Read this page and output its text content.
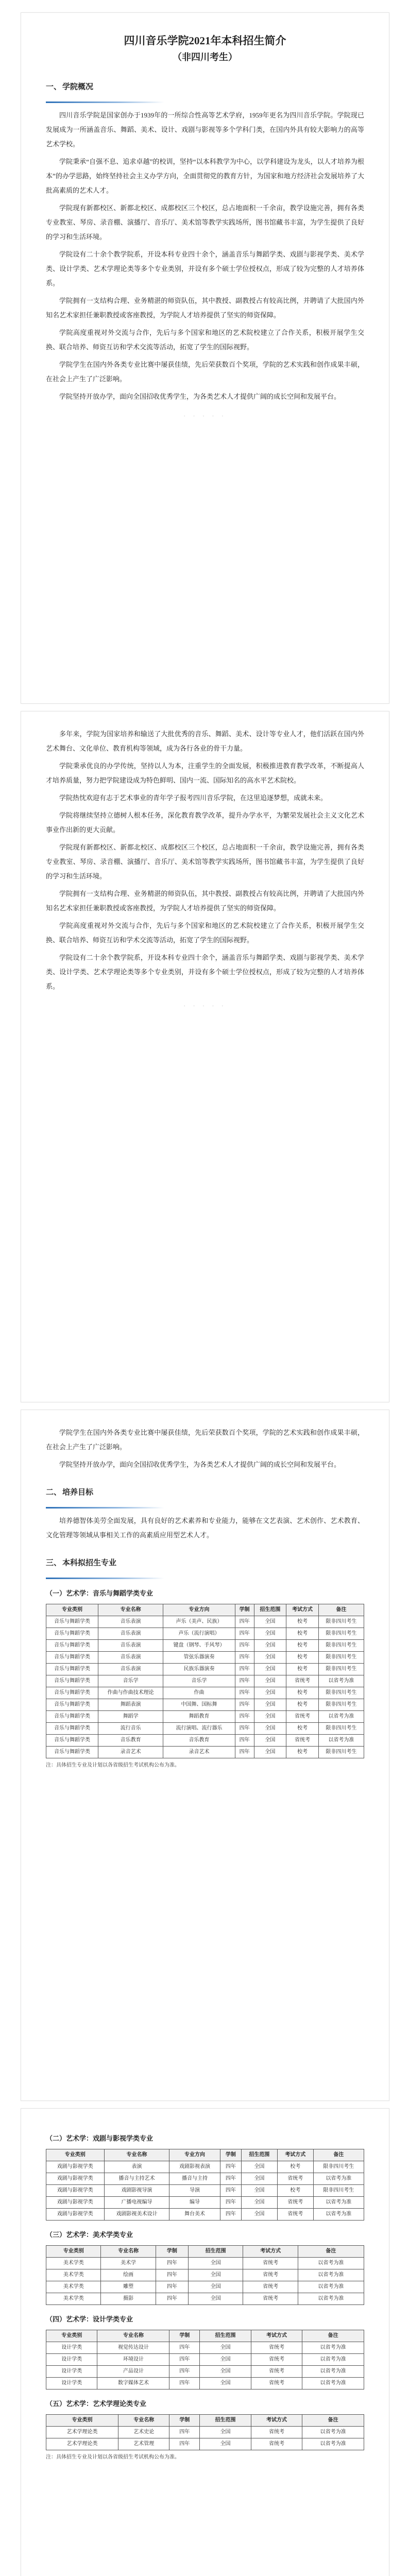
四川音乐学院2021年本科招生简介
（非四川考生）
一、 学院概况

四川音乐学院是国家创办于1939年的一所综合性高等艺术学府，1959年更名为四川音乐学院。学院现已发展成为一所涵盖音乐、舞蹈、美术、设计、戏剧与影视等多个学科门类，在国内外具有较大影响力的高等艺术学校。

学院秉承“自强不息、追求卓越”的校训，坚持“以本科教学为中心，以学科建设为龙头，以人才培养为根本”的办学思路，始终坚持社会主义办学方向，全面贯彻党的教育方针，为国家和地方经济社会发展培养了大批高素质的艺术人才。

学院现有新都校区、新都北校区、成都校区三个校区，总占地面积一千余亩，教学设施完善，拥有各类专业教室、琴房、录音棚、演播厅、音乐厅、美术馆等教学实践场所，图书馆藏书丰富，为学生提供了良好的学习和生活环境。

学院设有二十余个教学院系，开设本科专业四十余个，涵盖音乐与舞蹈学类、戏剧与影视学类、美术学类、设计学类、艺术学理论类等多个专业类别，并设有多个硕士学位授权点，形成了较为完整的人才培养体系。

学院拥有一支结构合理、业务精湛的师资队伍，其中教授、副教授占有较高比例，并聘请了大批国内外知名艺术家担任兼职教授或客座教授，为学院人才培养提供了坚实的师资保障。

学院高度重视对外交流与合作，先后与多个国家和地区的艺术院校建立了合作关系，积极开展学生交换、联合培养、师资互访和学术交流等活动，拓宽了学生的国际视野。

学院学生在国内外各类专业比赛中屡获佳绩，先后荣获数百个奖项，学院的艺术实践和创作成果丰硕，在社会上产生了广泛影响。

学院坚持开放办学，面向全国招收优秀学生，为各类艺术人才提供广阔的成长空间和发展平台。

· · · · ·

多年来，学院为国家培养和输送了大批优秀的音乐、舞蹈、美术、设计等专业人才，他们活跃在国内外艺术舞台、文化单位、教育机构等领域，成为各行各业的骨干力量。

学院秉承优良的办学传统，坚持以人为本，注重学生的全面发展，积极推进教育教学改革，不断提高人才培养质量，努力把学院建设成为特色鲜明、国内一流、国际知名的高水平艺术院校。

学院热忱欢迎有志于艺术事业的青年学子报考四川音乐学院，在这里追逐梦想，成就未来。

学院将继续坚持立德树人根本任务，深化教育教学改革，提升办学水平，为繁荣发展社会主义文化艺术事业作出新的更大贡献。

学院现有新都校区、新都北校区、成都校区三个校区，总占地面积一千余亩，教学设施完善，拥有各类专业教室、琴房、录音棚、演播厅、音乐厅、美术馆等教学实践场所，图书馆藏书丰富，为学生提供了良好的学习和生活环境。

学院拥有一支结构合理、业务精湛的师资队伍，其中教授、副教授占有较高比例，并聘请了大批国内外知名艺术家担任兼职教授或客座教授，为学院人才培养提供了坚实的师资保障。

学院高度重视对外交流与合作，先后与多个国家和地区的艺术院校建立了合作关系，积极开展学生交换、联合培养、师资互访和学术交流等活动，拓宽了学生的国际视野。

学院设有二十余个教学院系，开设本科专业四十余个，涵盖音乐与舞蹈学类、戏剧与影视学类、美术学类、设计学类、艺术学理论类等多个专业类别，并设有多个硕士学位授权点，形成了较为完整的人才培养体系。

· · · · ·

学院学生在国内外各类专业比赛中屡获佳绩，先后荣获数百个奖项，学院的艺术实践和创作成果丰硕，在社会上产生了广泛影响。

学院坚持开放办学，面向全国招收优秀学生，为各类艺术人才提供广阔的成长空间和发展平台。

二、 培养目标

培养德智体美劳全面发展，具有良好的艺术素养和专业能力，能够在文艺表演、艺术创作、艺术教育、文化管理等领域从事相关工作的高素质应用型艺术人才。

三、 本科拟招生专业
（一）艺术学：音乐与舞蹈学类专业
专业类别	专业名称	专业方向	学制	招生范围	考试方式	备注
音乐与舞蹈学类	音乐表演	声乐（美声、民族）	四年	全国	校考	限非四川考生
音乐与舞蹈学类	音乐表演	声乐（流行演唱）	四年	全国	校考	限非四川考生
音乐与舞蹈学类	音乐表演	键盘（钢琴、手风琴）	四年	全国	校考	限非四川考生
音乐与舞蹈学类	音乐表演	管弦乐器演奏	四年	全国	校考	限非四川考生
音乐与舞蹈学类	音乐表演	民族乐器演奏	四年	全国	校考	限非四川考生
音乐与舞蹈学类	音乐学	音乐学	四年	全国	省统考	以省考为准
音乐与舞蹈学类	作曲与作曲技术理论	作曲	四年	全国	校考	限非四川考生
音乐与舞蹈学类	舞蹈表演	中国舞、国标舞	四年	全国	校考	限非四川考生
音乐与舞蹈学类	舞蹈学	舞蹈教育	四年	全国	省统考	以省考为准
音乐与舞蹈学类	流行音乐	流行演唱、流行器乐	四年	全国	校考	限非四川考生
音乐与舞蹈学类	音乐教育	音乐教育	四年	全国	省统考	以省考为准
音乐与舞蹈学类	录音艺术	录音艺术	四年	全国	校考	限非四川考生
注：具体招生专业及计划以各省级招生考试机构公布为准。
（二）艺术学：戏剧与影视学类专业
专业类别	专业名称	专业方向	学制	招生范围	考试方式	备注
戏剧与影视学类	表演	戏剧影视表演	四年	全国	校考	限非四川考生
戏剧与影视学类	播音与主持艺术	播音与主持	四年	全国	省统考	以省考为准
戏剧与影视学类	戏剧影视导演	导演	四年	全国	校考	限非四川考生
戏剧与影视学类	广播电视编导	编导	四年	全国	省统考	以省考为准
戏剧与影视学类	戏剧影视美术设计	舞台美术	四年	全国	省统考	以省考为准
（三）艺术学：美术学类专业
专业类别	专业名称	学制	招生范围	考试方式	备注
美术学类	美术学	四年	全国	省统考	以省考为准
美术学类	绘画	四年	全国	省统考	以省考为准
美术学类	雕塑	四年	全国	省统考	以省考为准
美术学类	摄影	四年	全国	省统考	以省考为准
（四）艺术学：设计学类专业
专业类别	专业名称	学制	招生范围	考试方式	备注
设计学类	视觉传达设计	四年	全国	省统考	以省考为准
设计学类	环境设计	四年	全国	省统考	以省考为准
设计学类	产品设计	四年	全国	省统考	以省考为准
设计学类	数字媒体艺术	四年	全国	省统考	以省考为准
（五）艺术学：艺术学理论类专业
专业类别	专业名称	学制	招生范围	考试方式	备注
艺术学理论类	艺术史论	四年	全国	省统考	以省考为准
艺术学理论类	艺术管理	四年	全国	省统考	以省考为准
注：具体招生专业及计划以各省级招生考试机构公布为准。
